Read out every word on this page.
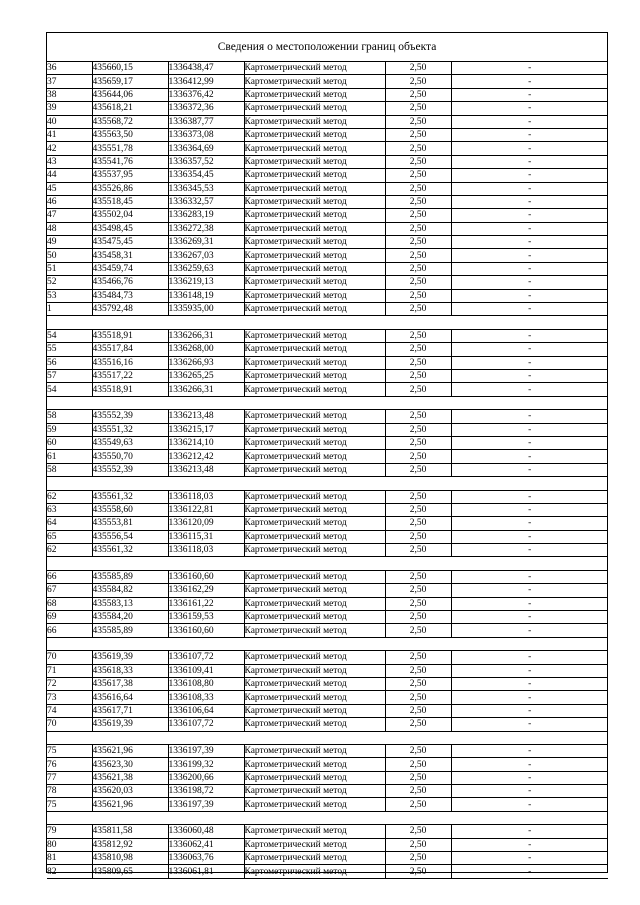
Сведения о местоположении границ объекта
36	435660,15	1336438,47	Картометрический метод	2,50	-
37	435659,17	1336412,99	Картометрический метод	2,50	-
38	435644,06	1336376,42	Картометрический метод	2,50	-
39	435618,21	1336372,36	Картометрический метод	2,50	-
40	435568,72	1336387,77	Картометрический метод	2,50	-
41	435563,50	1336373,08	Картометрический метод	2,50	-
42	435551,78	1336364,69	Картометрический метод	2,50	-
43	435541,76	1336357,52	Картометрический метод	2,50	-
44	435537,95	1336354,45	Картометрический метод	2,50	-
45	435526,86	1336345,53	Картометрический метод	2,50	-
46	435518,45	1336332,57	Картометрический метод	2,50	-
47	435502,04	1336283,19	Картометрический метод	2,50	-
48	435498,45	1336272,38	Картометрический метод	2,50	-
49	435475,45	1336269,31	Картометрический метод	2,50	-
50	435458,31	1336267,03	Картометрический метод	2,50	-
51	435459,74	1336259,63	Картометрический метод	2,50	-
52	435466,76	1336219,13	Картометрический метод	2,50	-
53	435484,73	1336148,19	Картометрический метод	2,50	-
1	435792,48	1335935,00	Картометрический метод	2,50	-

54	435518,91	1336266,31	Картометрический метод	2,50	-
55	435517,84	1336268,00	Картометрический метод	2,50	-
56	435516,16	1336266,93	Картометрический метод	2,50	-
57	435517,22	1336265,25	Картометрический метод	2,50	-
54	435518,91	1336266,31	Картометрический метод	2,50	-

58	435552,39	1336213,48	Картометрический метод	2,50	-
59	435551,32	1336215,17	Картометрический метод	2,50	-
60	435549,63	1336214,10	Картометрический метод	2,50	-
61	435550,70	1336212,42	Картометрический метод	2,50	-
58	435552,39	1336213,48	Картометрический метод	2,50	-

62	435561,32	1336118,03	Картометрический метод	2,50	-
63	435558,60	1336122,81	Картометрический метод	2,50	-
64	435553,81	1336120,09	Картометрический метод	2,50	-
65	435556,54	1336115,31	Картометрический метод	2,50	-
62	435561,32	1336118,03	Картометрический метод	2,50	-

66	435585,89	1336160,60	Картометрический метод	2,50	-
67	435584,82	1336162,29	Картометрический метод	2,50	-
68	435583,13	1336161,22	Картометрический метод	2,50	-
69	435584,20	1336159,53	Картометрический метод	2,50	-
66	435585,89	1336160,60	Картометрический метод	2,50	-

70	435619,39	1336107,72	Картометрический метод	2,50	-
71	435618,33	1336109,41	Картометрический метод	2,50	-
72	435617,38	1336108,80	Картометрический метод	2,50	-
73	435616,64	1336108,33	Картометрический метод	2,50	-
74	435617,71	1336106,64	Картометрический метод	2,50	-
70	435619,39	1336107,72	Картометрический метод	2,50	-

75	435621,96	1336197,39	Картометрический метод	2,50	-
76	435623,30	1336199,32	Картометрический метод	2,50	-
77	435621,38	1336200,66	Картометрический метод	2,50	-
78	435620,03	1336198,72	Картометрический метод	2,50	-
75	435621,96	1336197,39	Картометрический метод	2,50	-

79	435811,58	1336060,48	Картометрический метод	2,50	-
80	435812,92	1336062,41	Картометрический метод	2,50	-
81	435810,98	1336063,76	Картометрический метод	2,50	-
82	435809,65	1336061,81	Картометрический метод	2,50	-
